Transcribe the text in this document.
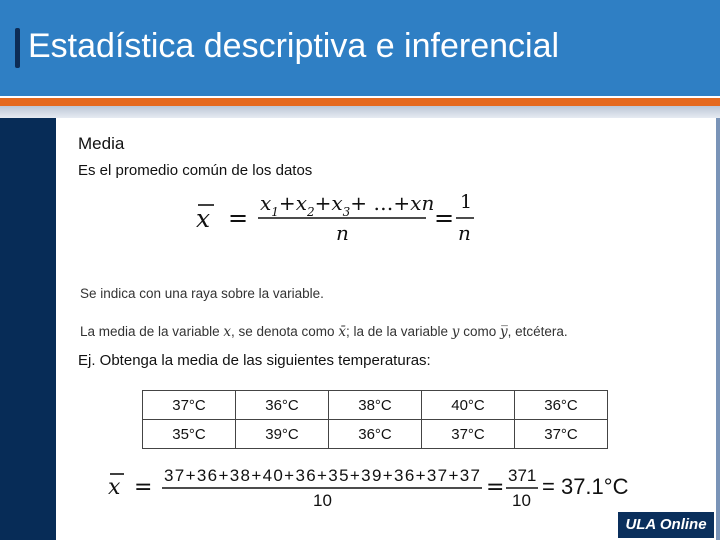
Estadística descriptiva e inferencial
Media
Es el promedio común de los datos
x =
$x_1+x_2+x_3+$ …+xn
n
=
1
n
Se indica con una raya sobre la variable.
La media de la variable x, se denota como x̄; la de la variable y como y̅, etcétera.
Ej. Obtenga la media de las siguientes temperaturas:
37°C	36°C	38°C	40°C	36°C
35°C	39°C	36°C	37°C	37°C
x = 37+36+38+40+36+35+39+36+37+37
10
= 371
10
= 37.1°C
ULA Online
